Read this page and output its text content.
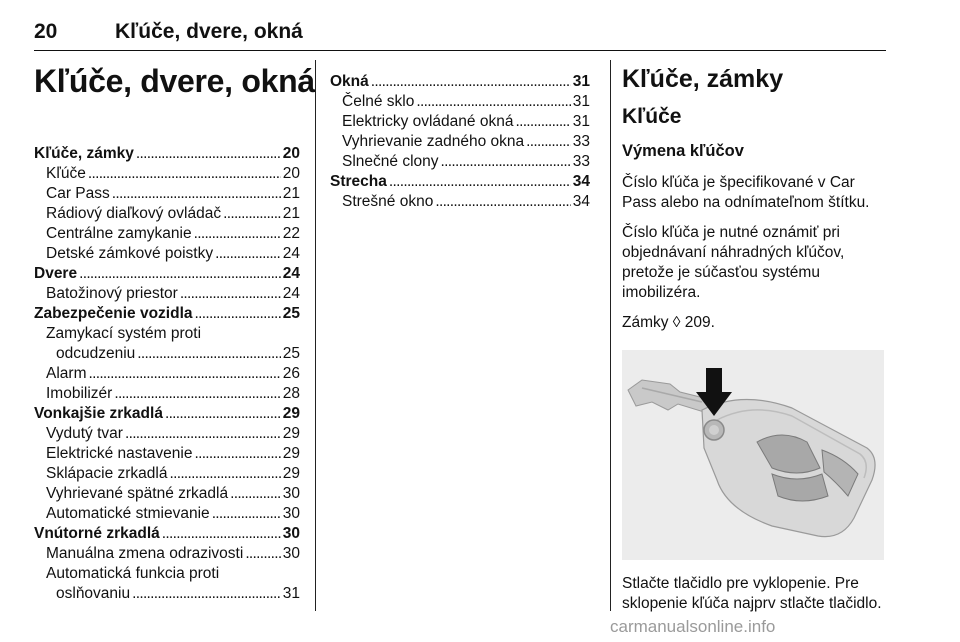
20	Kľúče, dvere, okná
Kľúče, dvere, okná
Kľúče, zámky . . .	20
Kľúče . . .	20
Car Pass . . .	21
Rádiový diaľkový ovládač . . .	21
Centrálne zamykanie . . .	22
Detské zámkové poistky . . .	24
Dvere . . .	24
Batožinový priestor . . .	24
Zabezpečenie vozidla . . .	25
Zamykací systém proti
odcudzeniu . . .	25
Alarm . . .	26
Imobilizér . . .	28
Vonkajšie zrkadlá . . .	29
Vydutý tvar . . .	29
Elektrické nastavenie . . .	29
Sklápacie zrkadlá . . .	29
Vyhrievané spätné zrkadlá . . .	30
Automatické stmievanie . . .	30
Vnútorné zrkadlá . . .	30
Manuálna zmena odrazivosti . . .	30
Automatická funkcia proti
oslňovaniu . . .	31
Okná . . .	31
Čelné sklo . . .	31
Elektricky ovládané okná . . .	31
Vyhrievanie zadného okna . . .	33
Slnečné clony . . .	33
Strecha . . .	34
Strešné okno . . .	34
Kľúče, zámky
Kľúče
Výmena kľúčov
Číslo kľúča je špecifikované v Car Pass alebo na odnímateľnom štítku.
Číslo kľúča je nutné oznámiť pri objednávaní náhradných kľúčov, pretože je súčasťou systému imobilizéra.
Zámky ◊ 209.
Stlačte tlačidlo pre vyklopenie. Pre sklopenie kľúča najprv stlačte tlačidlo.
carmanualsonline.info
